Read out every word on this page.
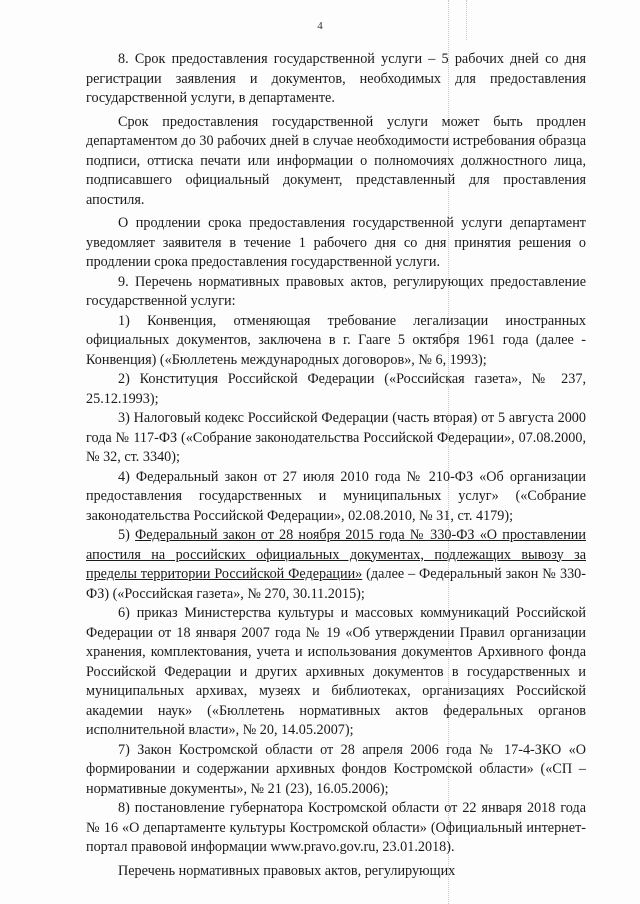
4

8. Срок предоставления государственной услуги – 5 рабочих дней со дня регистрации заявления и документов, необходимых для предоставления государственной услуги, в департаменте.

Срок предоставления государственной услуги может быть продлен департаментом до 30 рабочих дней в случае необходимости истребования образца подписи, оттиска печати или информации о полномочиях должностного лица, подписавшего официальный документ, представленный для проставления апостиля.

О продлении срока предоставления государственной услуги департамент уведомляет заявителя в течение 1 рабочего дня со дня принятия решения о продлении срока предоставления государственной услуги.

9. Перечень нормативных правовых актов, регулирующих предоставление государственной услуги:

1) Конвенция, отменяющая требование легализации иностранных официальных документов, заключена в г. Гааге 5 октября 1961 года (далее - Конвенция) («Бюллетень международных договоров», № 6, 1993);

2) Конституция Российской Федерации («Российская газета», № 237, 25.12.1993);

3) Налоговый кодекс Российской Федерации (часть вторая) от 5 августа 2000 года № 117-ФЗ («Собрание законодательства Российской Федерации», 07.08.2000, № 32, ст. 3340);

4) Федеральный закон от 27 июля 2010 года № 210-ФЗ «Об организации предоставления государственных и муниципальных услуг» («Собрание законодательства Российской Федерации», 02.08.2010, № 31, ст. 4179);

5) Федеральный закон от 28 ноября 2015 года № 330-ФЗ «О проставлении апостиля на российских официальных документах, подлежащих вывозу за пределы территории Российской Федерации» (далее – Федеральный закон № 330-ФЗ) («Российская газета», № 270, 30.11.2015);

6) приказ Министерства культуры и массовых коммуникаций Российской Федерации от 18 января 2007 года № 19 «Об утверждении Правил организации хранения, комплектования, учета и использования документов Архивного фонда Российской Федерации и других архивных документов в государственных и муниципальных архивах, музеях и библиотеках, организациях Российской академии наук» («Бюллетень нормативных актов федеральных органов исполнительной власти», № 20, 14.05.2007);

7) Закон Костромской области от 28 апреля 2006 года № 17-4-ЗКО «О формировании и содержании архивных фондов Костромской области» («СП – нормативные документы», № 21 (23), 16.05.2006);

8) постановление губернатора Костромской области от 22 января 2018 года № 16 «О департаменте культуры Костромской области» (Официальный интернет-портал правовой информации www.pravo.gov.ru, 23.01.2018).

Перечень нормативных правовых актов, регулирующих
